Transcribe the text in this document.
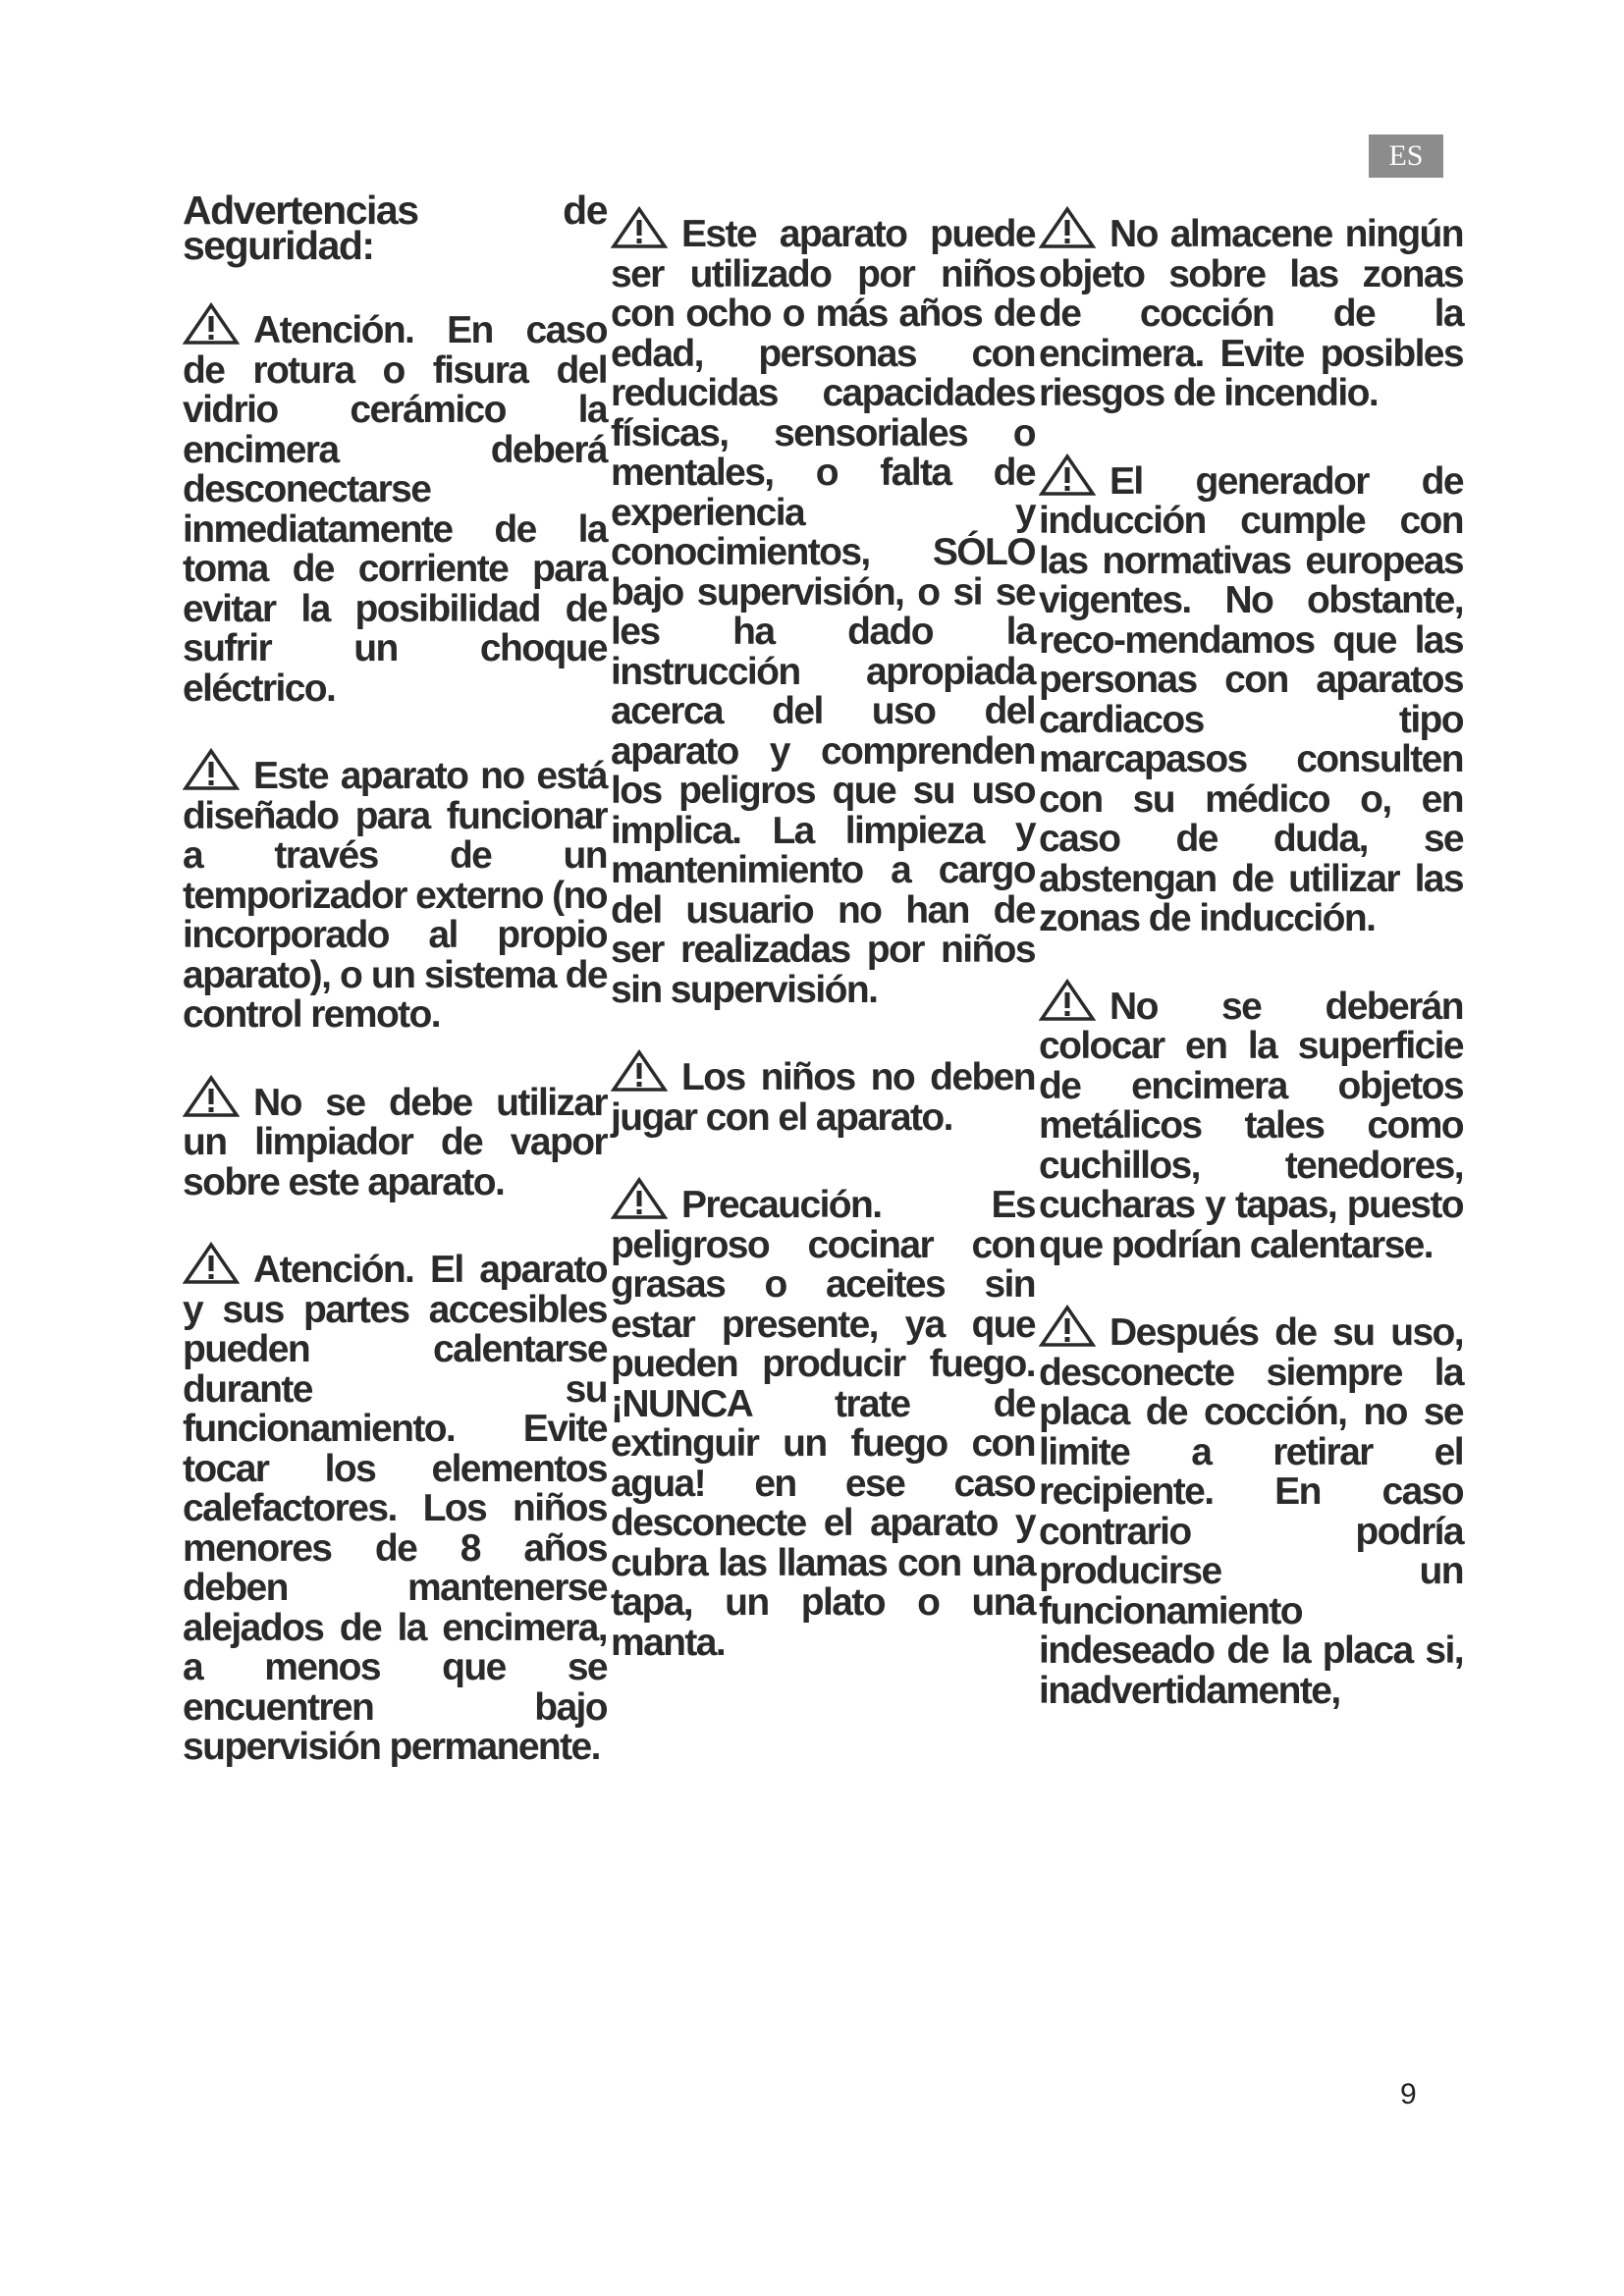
ES

Advertencias de seguridad:

Atención. En caso de rotura o fisura del vidrio cerámico la encimera deberá desconectarse inmediatamente de la toma de corriente para evitar la posibilidad de sufrir un choque eléctrico.

Este aparato no está diseñado para funcionar a través de un temporizador externo (no incorporado al propio aparato), o un sistema de control remoto.

No se debe utilizar un limpiador de vapor sobre este aparato.

Atención. El aparato y sus partes accesibles pueden calentarse durante su funcionamiento. Evite tocar los elementos calefactores. Los niños menores de 8 años deben mantenerse alejados de la encimera, a menos que se encuentren bajo supervisión permanente.

Este aparato puede ser utilizado por niños con ocho o más años de edad, personas con reducidas capacidades físicas, sensoriales o mentales, o falta de experiencia y conocimientos, SÓLO bajo supervisión, o si se les ha dado la instrucción apropiada acerca del uso del aparato y comprenden los peligros que su uso implica. La limpieza y mantenimiento a cargo del usuario no han de ser realizadas por niños sin supervisión.

Los niños no deben jugar con el aparato.

Precaución. Es peligroso cocinar con grasas o aceites sin estar presente, ya que pueden producir fuego. ¡NUNCA trate de extinguir un fuego con agua! en ese caso desconecte el aparato y cubra las llamas con una tapa, un plato o una manta.

No almacene ningún objeto sobre las zonas de cocción de la encimera. Evite posibles riesgos de incendio.

El generador de inducción cumple con las normativas europeas vigentes. No obstante, reco-mendamos que las personas con aparatos cardiacos tipo marcapasos consulten con su médico o, en caso de duda, se abstengan de utilizar las zonas de inducción.

No se deberán colocar en la superficie de encimera objetos metálicos tales como cuchillos, tenedores, cucharas y tapas, puesto que podrían calentarse.

Después de su uso, desconecte siempre la placa de cocción, no se limite a retirar el recipiente. En caso contrario podría producirse un funcionamiento indeseado de la placa si, inadvertidamente,

9
